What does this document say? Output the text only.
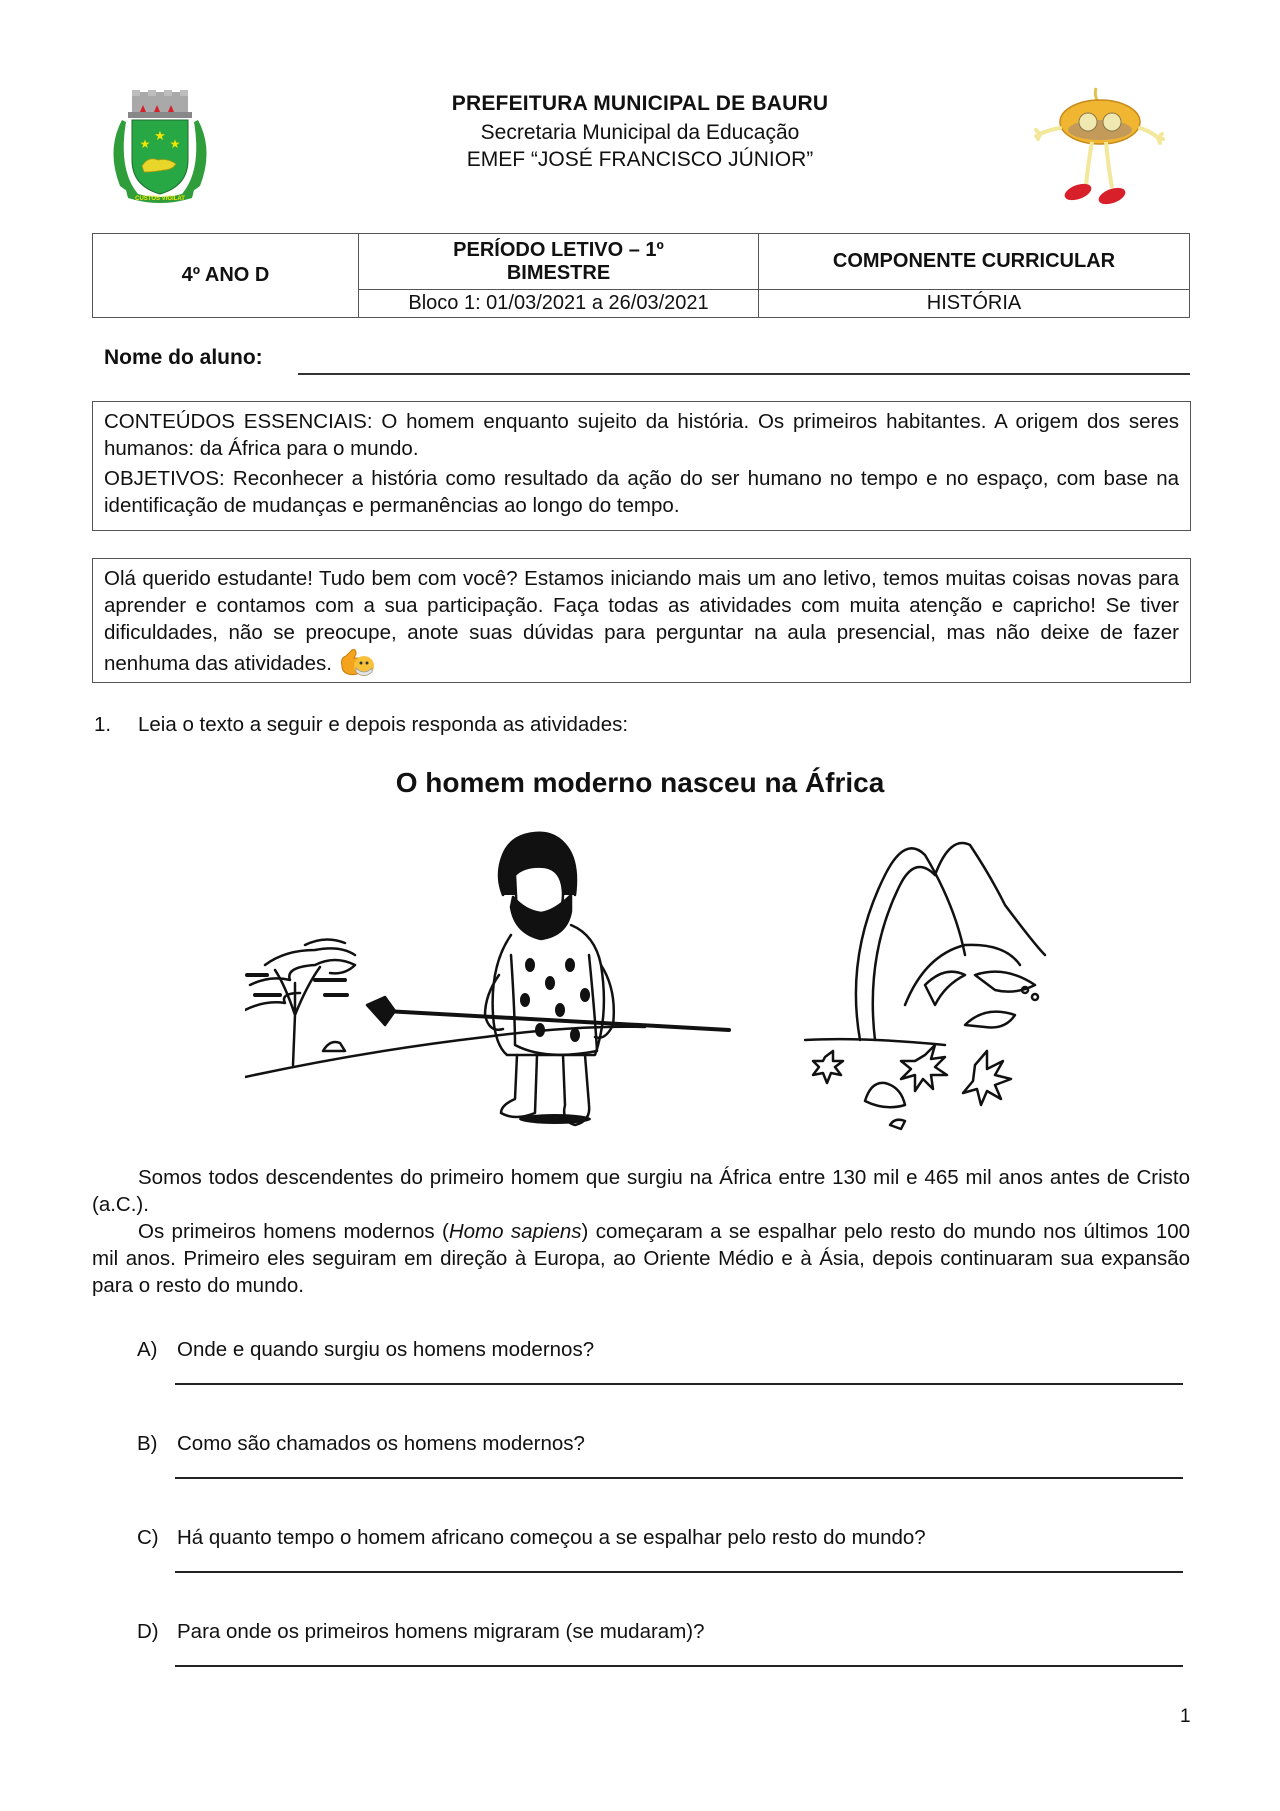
★
★ ★
CUSTOS VIGILAT
PREFEITURA MUNICIPAL DE BAURU
Secretaria Municipal da Educação
EMEF “JOSÉ FRANCISCO JÚNIOR”
4º ANO D	PERÍODO LETIVO – 1º BIMESTRE	COMPONENTE CURRICULAR
	Bloco 1: 01/03/2021 a 26/03/2021	HISTÓRIA
Nome do aluno:

CONTEÚDOS ESSENCIAIS: O homem enquanto sujeito da história. Os primeiros habitantes. A origem dos seres humanos: da África para o mundo.

OBJETIVOS: Reconhecer a história como resultado da ação do ser humano no tempo e no espaço, com base na identificação de mudanças e permanências ao longo do tempo.

Olá querido estudante! Tudo bem com você? Estamos iniciando mais um ano letivo, temos muitas coisas novas para aprender e contamos com a sua participação. Faça todas as atividades com muita atenção e capricho! Se tiver dificuldades, não se preocupe, anote suas dúvidas para perguntar na aula presencial, mas não deixe de fazer nenhuma das atividades.

1. Leia o texto a seguir e depois responda as atividades:
O homem moderno nasceu na África
Somos todos descendentes do primeiro homem que surgiu na África entre 130 mil e 465 mil anos antes de Cristo (a.C.).
Os primeiros homens modernos (Homo sapiens) começaram a se espalhar pelo resto do mundo nos últimos 100 mil anos. Primeiro eles seguiram em direção à Europa, ao Oriente Médio e à Ásia, depois continuaram sua expansão para o resto do mundo.
A) Onde e quando surgiu os homens modernos?
B) Como são chamados os homens modernos?
C) Há quanto tempo o homem africano começou a se espalhar pelo resto do mundo?
D) Para onde os primeiros homens migraram (se mudaram)?
1
